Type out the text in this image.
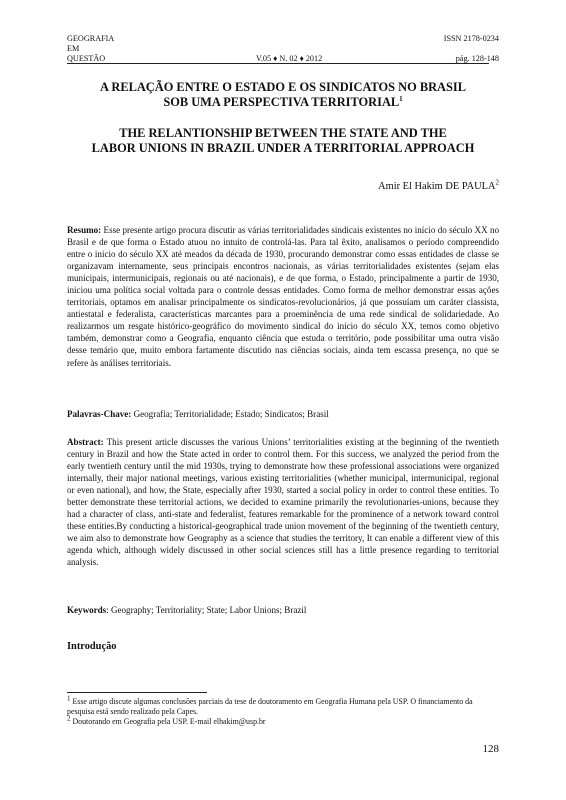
GEOGRAFIA	ISSN 2178-0234
EM
QUESTÃO	V.05 ♦ N. 02 ♦ 2012	pág. 128-148
A RELAÇÃO ENTRE O ESTADO E OS SINDICATOS NO BRASIL
SOB UMA PERSPECTIVA TERRITORIAL$^1$
THE RELANTIONSHIP BETWEEN THE STATE AND THE
LABOR UNIONS IN BRAZIL UNDER A TERRITORIAL APPROACH
Amir El Hakim DE PAULA$^2$
Resumo: Esse presente artigo procura discutir as várias territorialidades sindicais existentes no início do século XX no Brasil e de que forma o Estado atuou no intuito de controlá-las. Para tal êxito, analisamos o período compreendido entre o início do século XX até meados da década de 1930, procurando demonstrar como essas entidades de classe se organizavam internamente, seus principais encontros nacionais, as várias territorialidades existentes (sejam elas municipais, intermunicipais, regionais ou até nacionais), e de que forma, o Estado, principalmente a partir de 1930, iniciou uma política social voltada para o controle dessas entidades. Como forma de melhor demonstrar essas ações territoriais, optamos em analisar principalmente os sindicatos-revolucionários, já que possuíam um caráter classista, antiestatal e federalista, características marcantes para a proeminência de uma rede sindical de solidariedade. Ao realizarmos um resgate histórico-geográfico do movimento sindical do início do século XX, temos como objetivo também, demonstrar como a Geografia, enquanto ciência que estuda o território, pode possibilitar uma outra visão desse temário que, muito embora fartamente discutido nas ciências sociais, ainda tem escassa presença, no que se refere às análises territoriais.
Palavras-Chave: Geografia; Territorialidade; Estado; Sindicatos; Brasil
Abstract: This present article discusses the various Unions’ territorialities existing at the beginning of the twentieth century in Brazil and how the State acted in order to control them. For this success, we analyzed the period from the early twentieth century until the mid 1930s, trying to demonstrate how these professional associations were organized internally, their major national meetings, various existing territorialities (whether municipal, intermunicipal, regional or even national), and how, the State, especially after 1930, started a social policy in order to control these entities. To better demonstrate these territorial actions, we decided to examine primarily the revolutionaries-unions, because they had a character of class, anti-state and federalist, features remarkable for the prominence of a network toward control these entities.By conducting a historical-geographical trade union movement of the beginning of the twentieth century, we aim also to demonstrate how Geography as a science that studies the territory, It can enable a different view of this agenda which, although widely discussed in other social sciences still has a little presence regarding to territorial analysis.
Keywords: Geography; Territoriality; State; Labor Unions; Brazil
Introdução
$^1$ Esse artigo discute algumas conclusões parciais da tese de doutoramento em Geografia Humana pela USP. O financiamento da pesquisa está sendo realizado pela Capes.
$^2$ Doutorando em Geografia pela USP. E-mail elhakim@usp.br
128
